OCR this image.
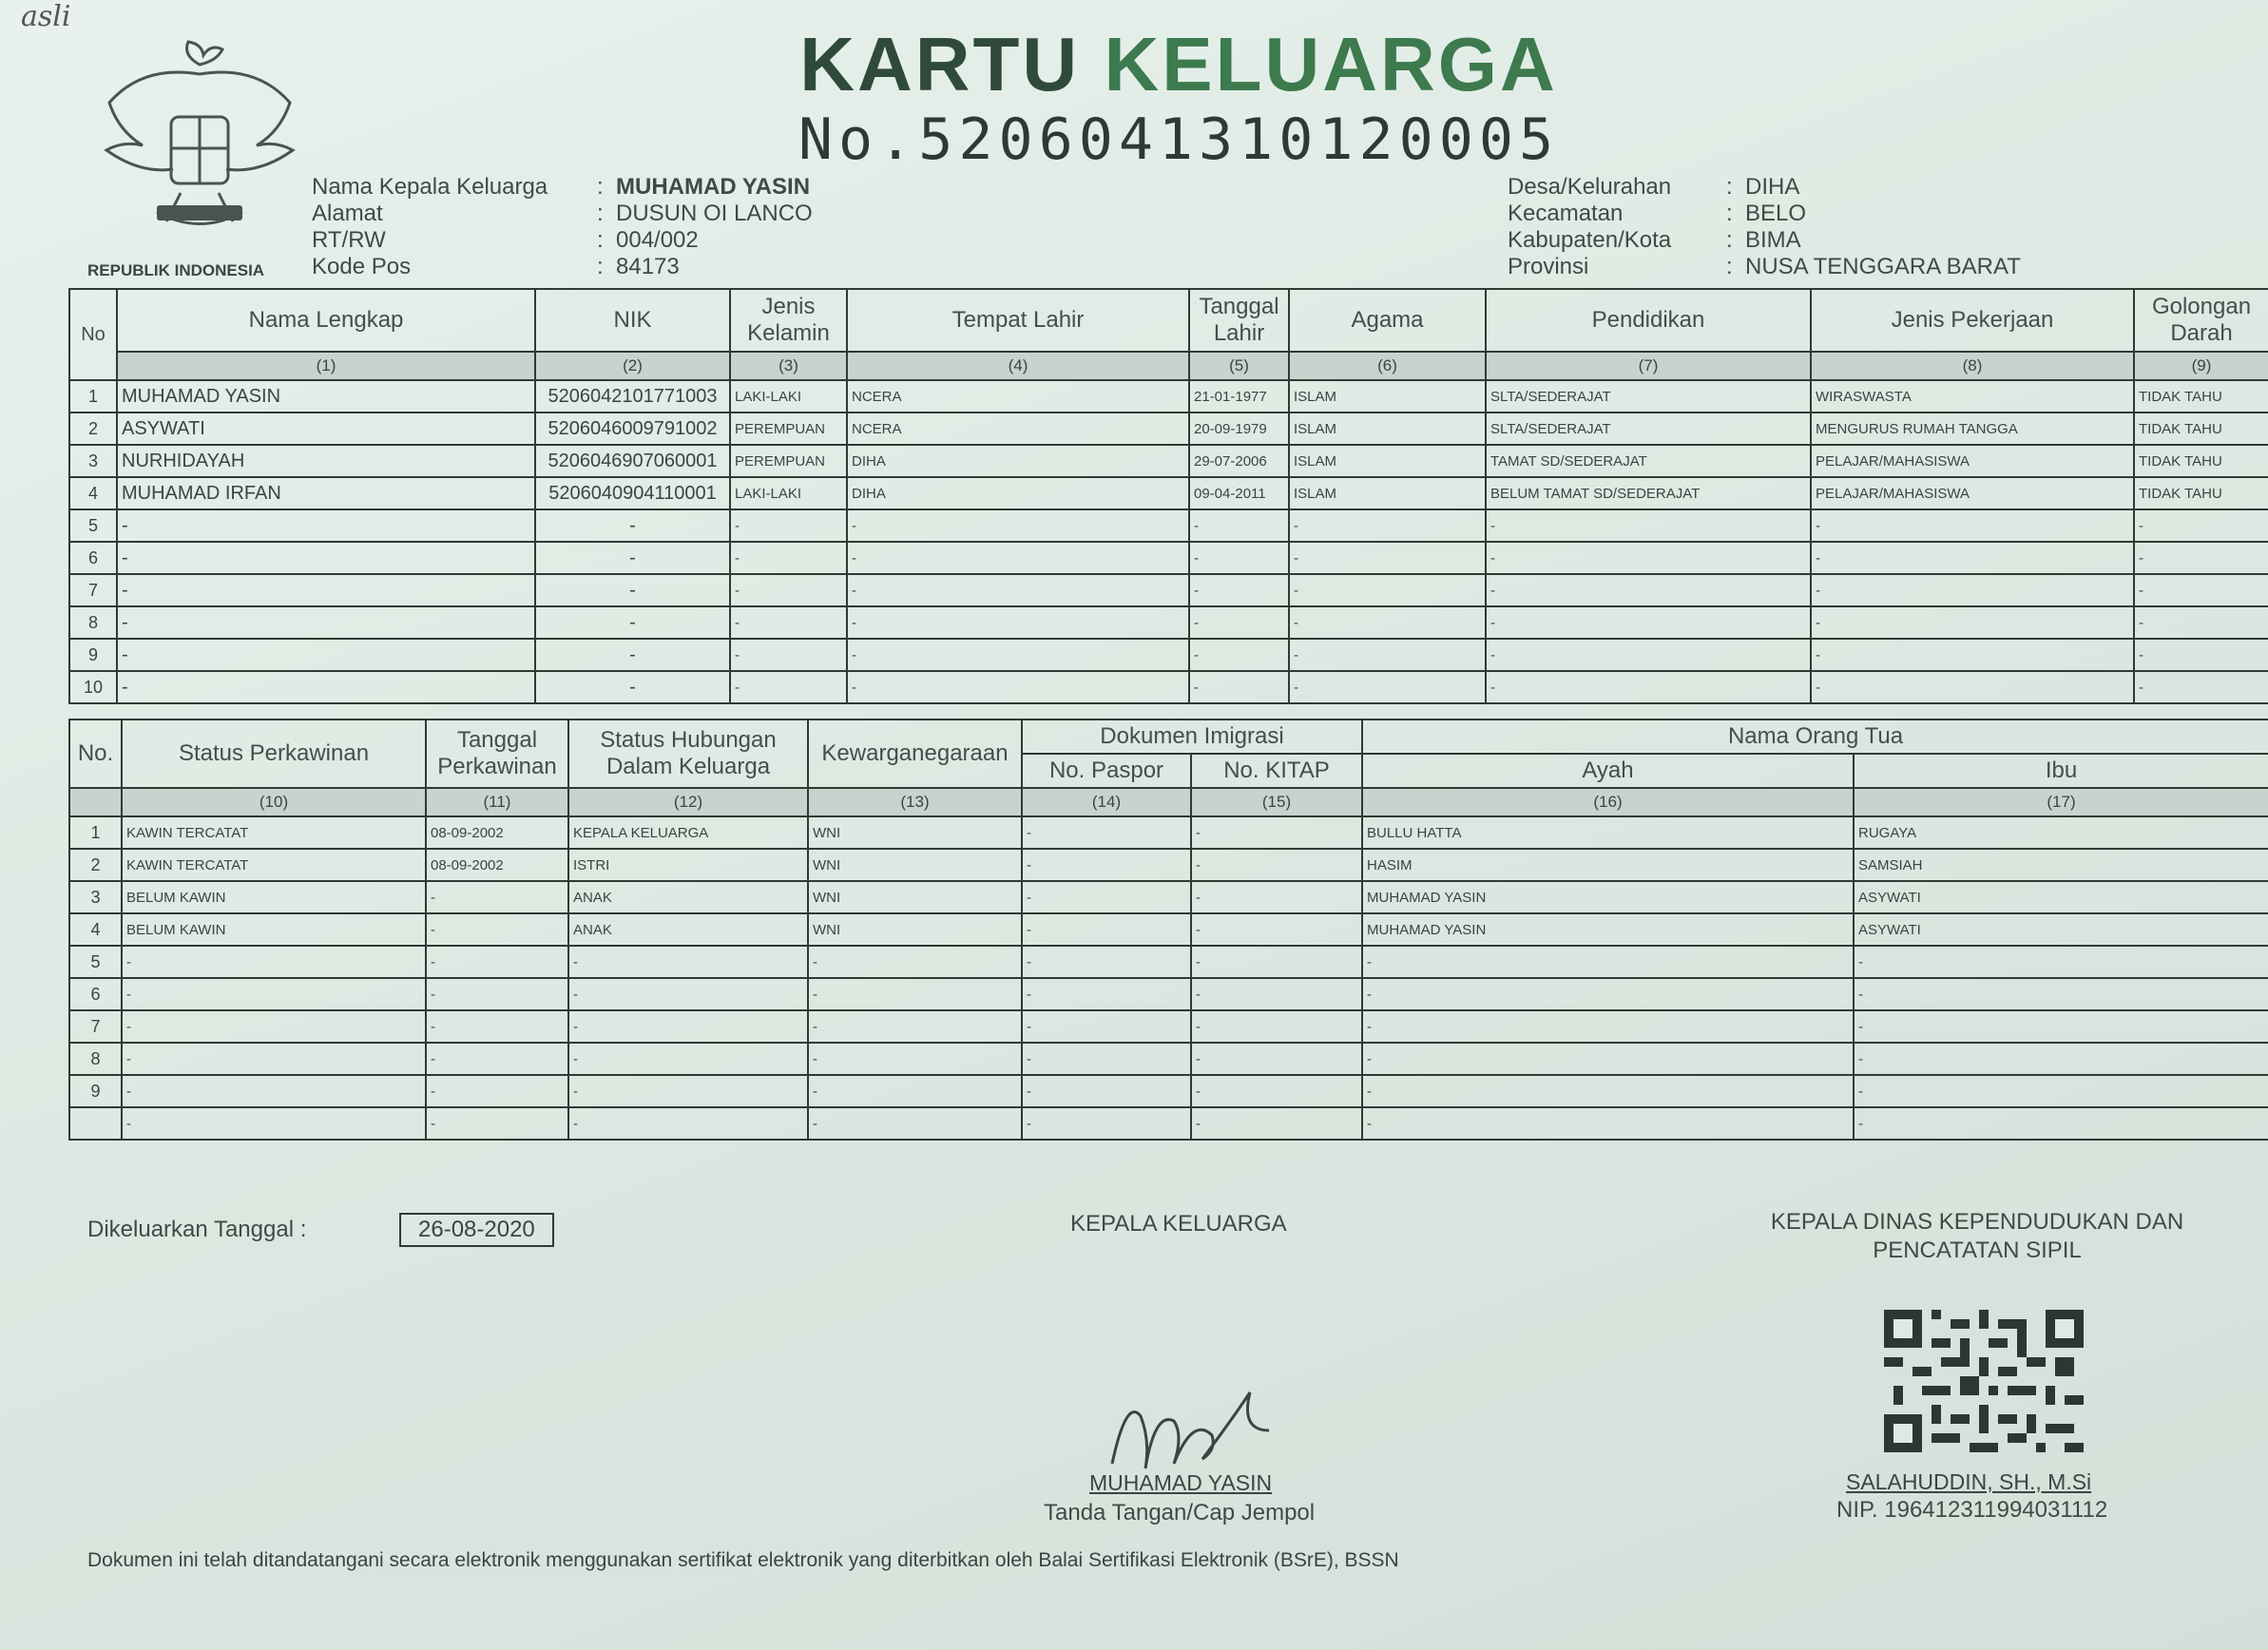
asli
REPUBLIK INDONESIA
KARTU KELUARGA
No.5206041310120005
Nama Kepala Keluarga	: MUHAMAD YASIN
Alamat	: DUSUN OI LANCO
RT/RW	: 004/002
Kode Pos	: 84173
Desa/Kelurahan	: DIHA
Kecamatan	: BELO
Kabupaten/Kota	: BIMA
Provinsi	: NUSA TENGGARA BARAT
No	Nama Lengkap	NIK	Jenis Kelamin	Tempat Lahir	Tanggal Lahir	Agama	Pendidikan	Jenis Pekerjaan	Golongan Darah
	(1)	(2)	(3)	(4)	(5)	(6)	(7)	(8)	(9)
1	MUHAMAD YASIN	5206042101771003	LAKI-LAKI	NCERA	21-01-1977	ISLAM	SLTA/SEDERAJAT	WIRASWASTA	TIDAK TAHU
2	ASYWATI	5206046009791002	PEREMPUAN	NCERA	20-09-1979	ISLAM	SLTA/SEDERAJAT	MENGURUS RUMAH TANGGA	TIDAK TAHU
3	NURHIDAYAH	5206046907060001	PEREMPUAN	DIHA	29-07-2006	ISLAM	TAMAT SD/SEDERAJAT	PELAJAR/MAHASISWA	TIDAK TAHU
4	MUHAMAD IRFAN	5206040904110001	LAKI-LAKI	DIHA	09-04-2011	ISLAM	BELUM TAMAT SD/SEDERAJAT	PELAJAR/MAHASISWA	TIDAK TAHU
5	-	-	-	-	-	-	-	-	-
6	-	-	-	-	-	-	-	-	-
7	-	-	-	-	-	-	-	-	-
8	-	-	-	-	-	-	-	-	-
9	-	-	-	-	-	-	-	-	-
10	-	-	-	-	-	-	-	-	-
No.	Status Perkawinan	Tanggal Perkawinan	Status Hubungan Dalam Keluarga	Kewarganegaraan	Dokumen Imigrasi		Nama Orang Tua	
					No. Paspor	No. KITAP	Ayah	Ibu
	(10)	(11)	(12)	(13)	(14)	(15)	(16)	(17)
1	KAWIN TERCATAT	08-09-2002	KEPALA KELUARGA	WNI	-	-	BULLU HATTA	RUGAYA
2	KAWIN TERCATAT	08-09-2002	ISTRI	WNI	-	-	HASIM	SAMSIAH
3	BELUM KAWIN	-	ANAK	WNI	-	-	MUHAMAD YASIN	ASYWATI
4	BELUM KAWIN	-	ANAK	WNI	-	-	MUHAMAD YASIN	ASYWATI
5	-	-	-	-	-	-	-	-
6	-	-	-	-	-	-	-	-
7	-	-	-	-	-	-	-	-
8	-	-	-	-	-	-	-	-
9	-	-	-	-	-	-	-	-
	-	-	-	-	-	-	-	-
Dikeluarkan Tanggal :	26-08-2020	KEPALA KELUARGA
MUHAMAD YASIN
Tanda Tangan/Cap Jempol
KEPALA DINAS KEPENDUDUKAN DAN
PENCATATAN SIPIL
SALAHUDDIN, SH., M.Si
NIP. 196412311994031112
Dokumen ini telah ditandatangani secara elektronik menggunakan sertifikat elektronik yang diterbitkan oleh Balai Sertifikasi Elektronik (BSrE), BSSN
